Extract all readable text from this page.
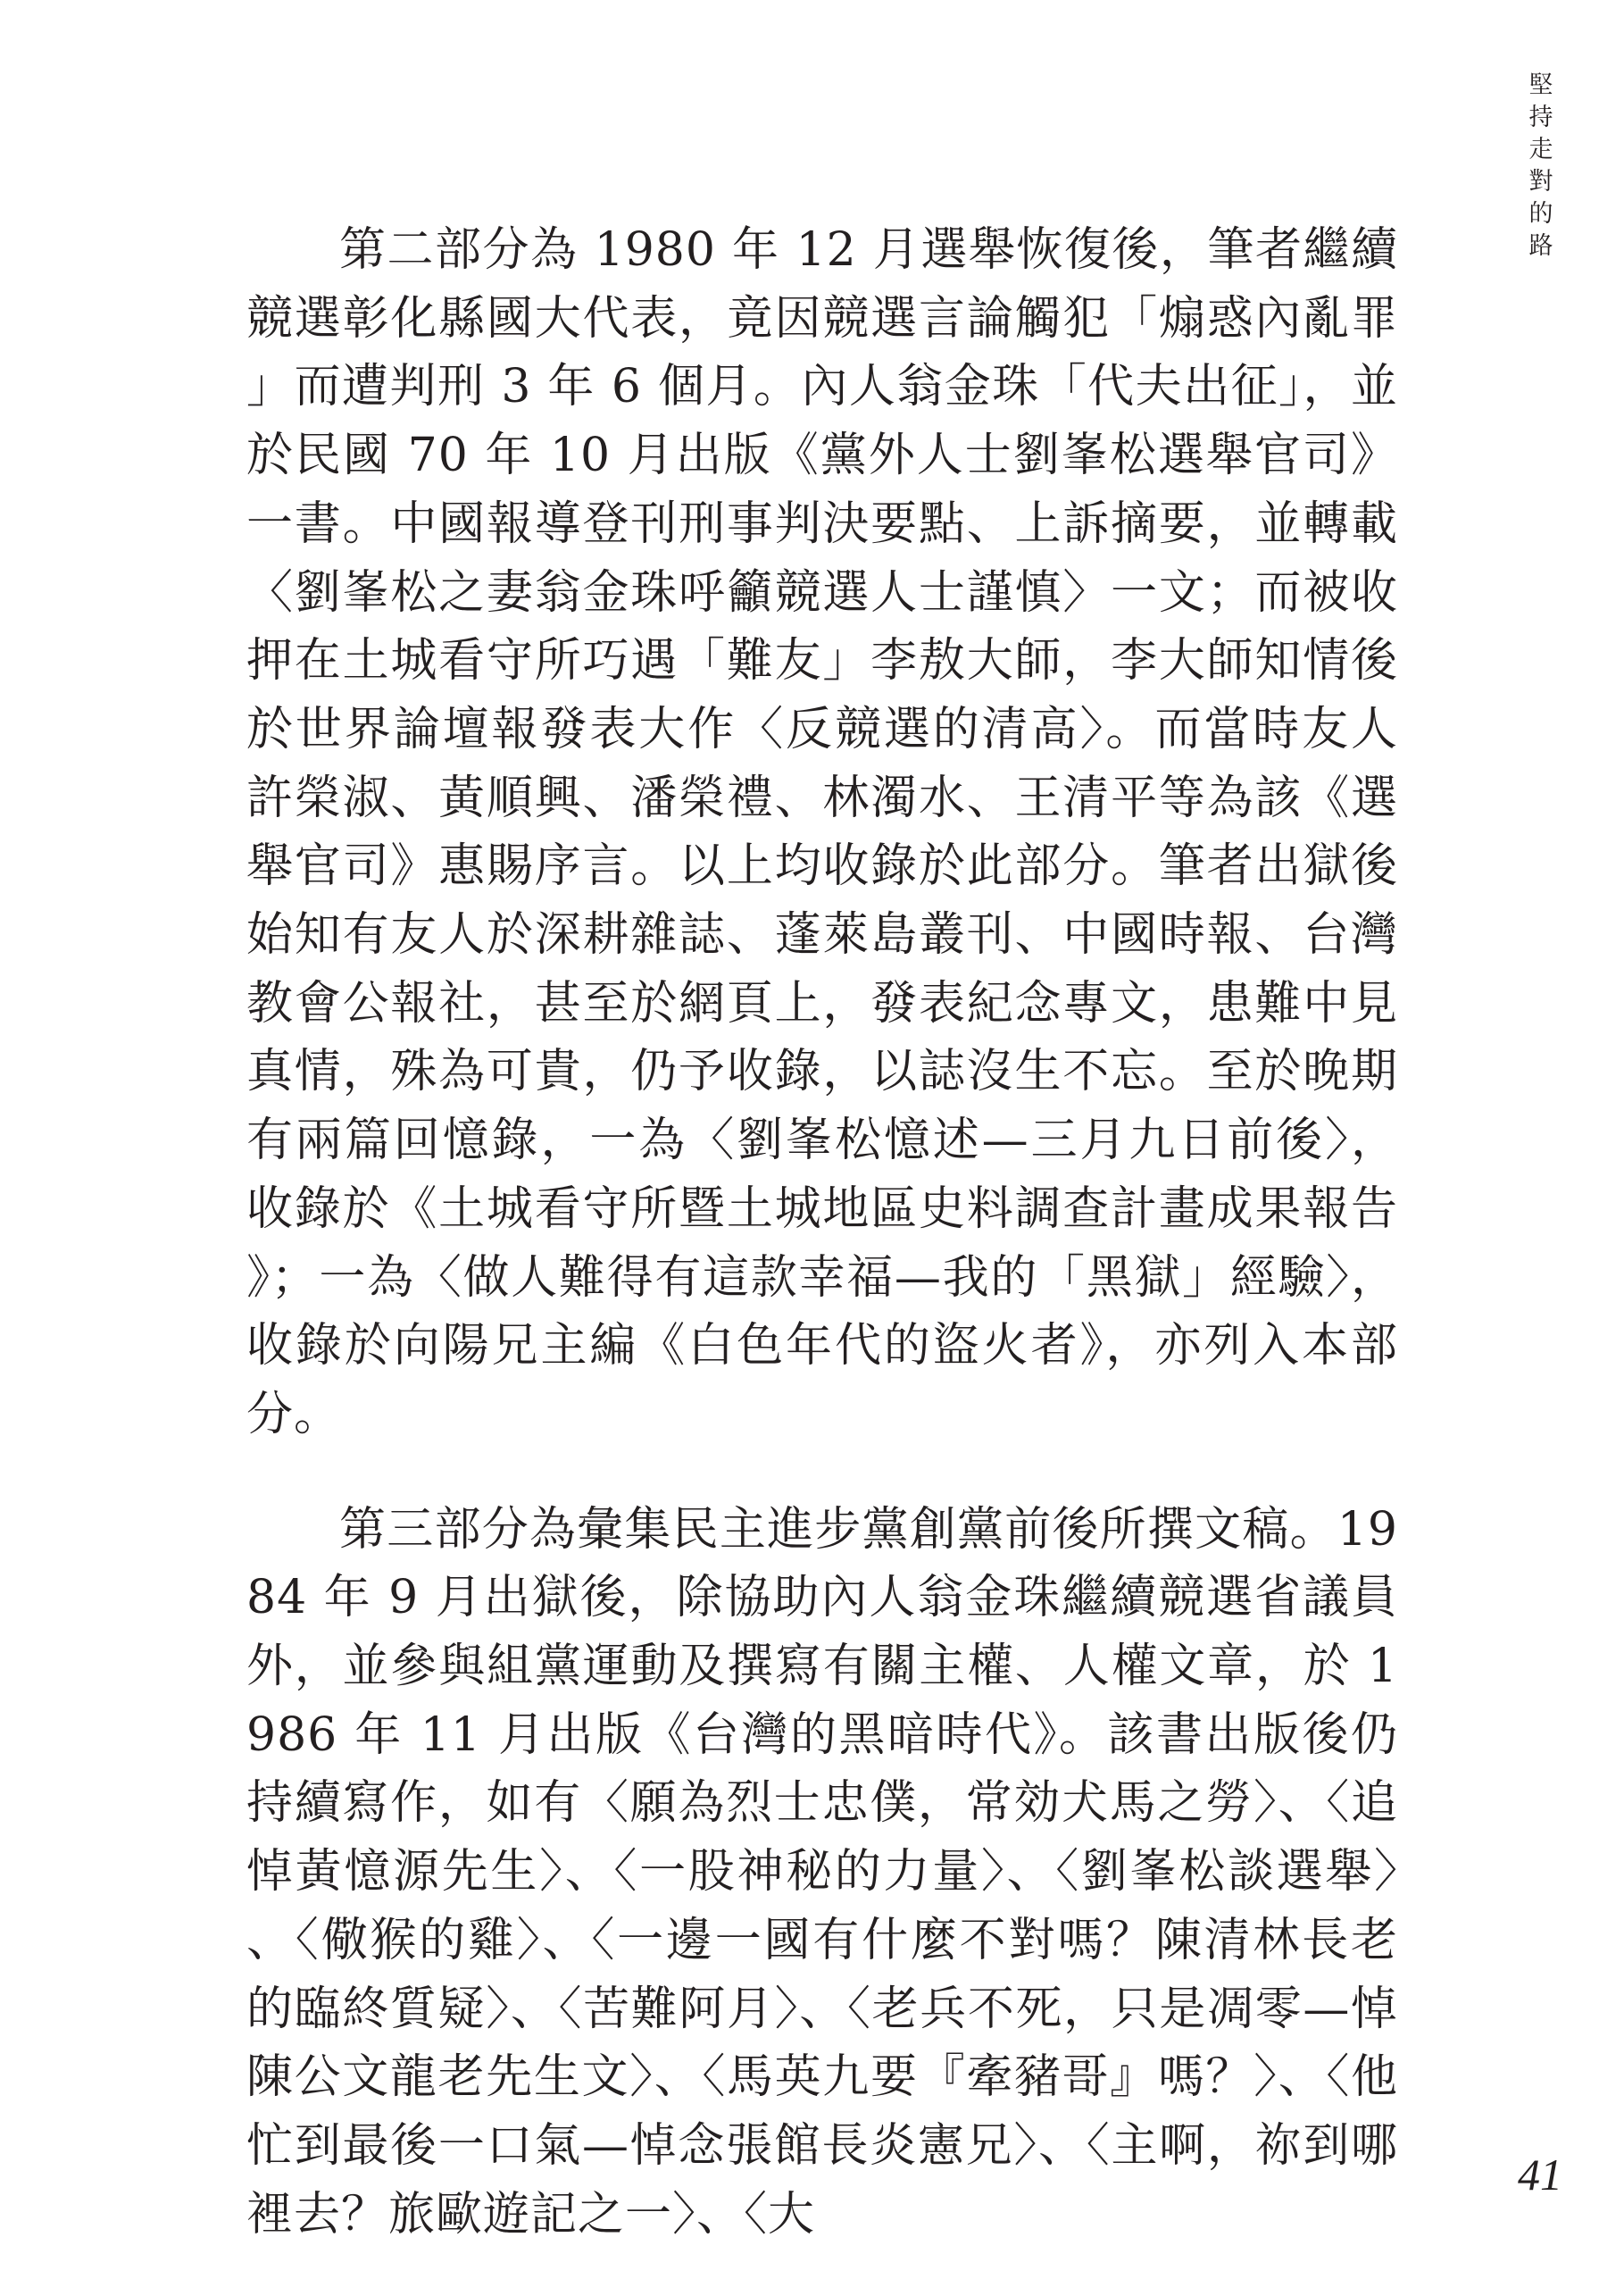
堅持走對的路

第二部分為 1980 年 12 月選舉恢復後，筆者繼續競選彰化縣國大代表，竟因競選言論觸犯「煽惑內亂罪」而遭判刑 3 年 6 個月。內人翁金珠「代夫出征」，並於民國 70 年 10 月出版《黨外人士劉峯松選舉官司》一書。中國報導登刊刑事判決要點、上訴摘要，並轉載〈劉峯松之妻翁金珠呼籲競選人士謹慎〉一文；而被收押在土城看守所巧遇「難友」李敖大師，李大師知情後於世界論壇報發表大作〈反競選的清高〉。而當時友人許榮淑、黃順興、潘榮禮、林濁水、王清平等為該《選舉官司》惠賜序言。以上均收錄於此部分。筆者出獄後始知有友人於深耕雜誌、蓬萊島叢刊、中國時報、台灣教會公報社，甚至於網頁上，發表紀念專文，患難中見真情，殊為可貴，仍予收錄，以誌沒生不忘。至於晚期有兩篇回憶錄，一為〈劉峯松憶述—三月九日前後〉，收錄於《土城看守所暨土城地區史料調查計畫成果報告》；一為〈做人難得有這款幸福—我的「黑獄」經驗〉，收錄於向陽兄主編《白色年代的盜火者》，亦列入本部分。

第三部分為彙集民主進步黨創黨前後所撰文稿。1984 年 9 月出獄後，除協助內人翁金珠繼續競選省議員外，並參與組黨運動及撰寫有關主權、人權文章，於 1986 年 11 月出版《台灣的黑暗時代》。該書出版後仍持續寫作，如有〈願為烈士忠僕，常効犬馬之勞〉、〈追悼黃憶源先生〉、〈一股神秘的力量〉、〈劉峯松談選舉〉、〈儆猴的雞〉、〈一邊一國有什麼不對嗎？陳清林長老的臨終質疑〉、〈苦難阿月〉、〈老兵不死，只是凋零—悼陳公文龍老先生文〉、〈馬英九要『牽豬哥』嗎？〉、〈他忙到最後一口氣—悼念張館長炎憲兄〉、〈主啊，祢到哪裡去？旅歐遊記之一〉、〈大

41
